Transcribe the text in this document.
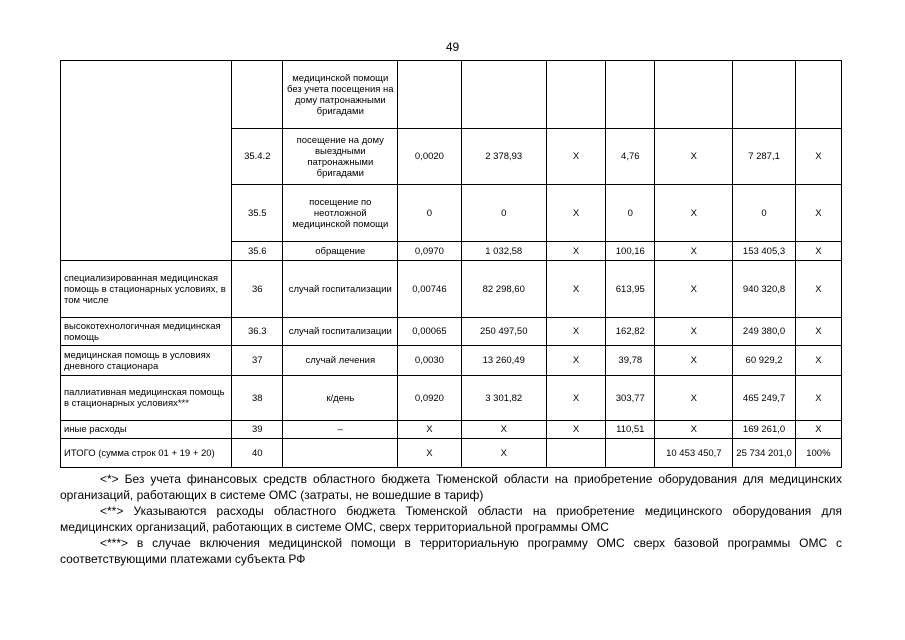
49
		медицинской помощи без учета посещения на дому патронажными бригадами							
	35.4.2	посещение на дому выездными патронажными бригадами	0,0020	2 378,93	X	4,76	X	7 287,1	X
	35.5	посещение по неотложной медицинской помощи	0	0	X	0	X	0	X
	35.6	обращение	0,0970	1 032,58	X	100,16	X	153 405,3	X
специализированная медицинская помощь в стационарных условиях, в том числе	36	случай госпитализации	0,00746	82 298,60	X	613,95	X	940 320,8	X
высокотехнологичная медицинская помощь	36.3	случай госпитализации	0,00065	250 497,50	X	162,82	X	249 380,0	X
медицинская помощь в условиях дневного стационара	37	случай лечения	0,0030	13 260,49	X	39,78	X	60 929,2	X
паллиативная медицинская помощь в стационарных условиях***	38	к/день	0,0920	3 301,82	X	303,77	X	465 249,7	X
иные расходы	39	–	X	X	X	110,51	X	169 261,0	X
ИТОГО (сумма строк 01 + 19 + 20)	40		X	X			10 453 450,7	25 734 201,0	100%

<*> Без учета финансовых средств областного бюджета Тюменской области на приобретение оборудования для медицинских организаций, работающих в системе ОМС (затраты, не вошедшие в тариф)

<**> Указываются расходы областного бюджета Тюменской области на приобретение медицинского оборудования для медицинских организаций, работающих в системе ОМС, сверх территориальной программы ОМС

<***> в случае включения медицинской помощи в территориальную программу ОМС сверх базовой программы ОМС с соответствующими платежами субъекта РФ
